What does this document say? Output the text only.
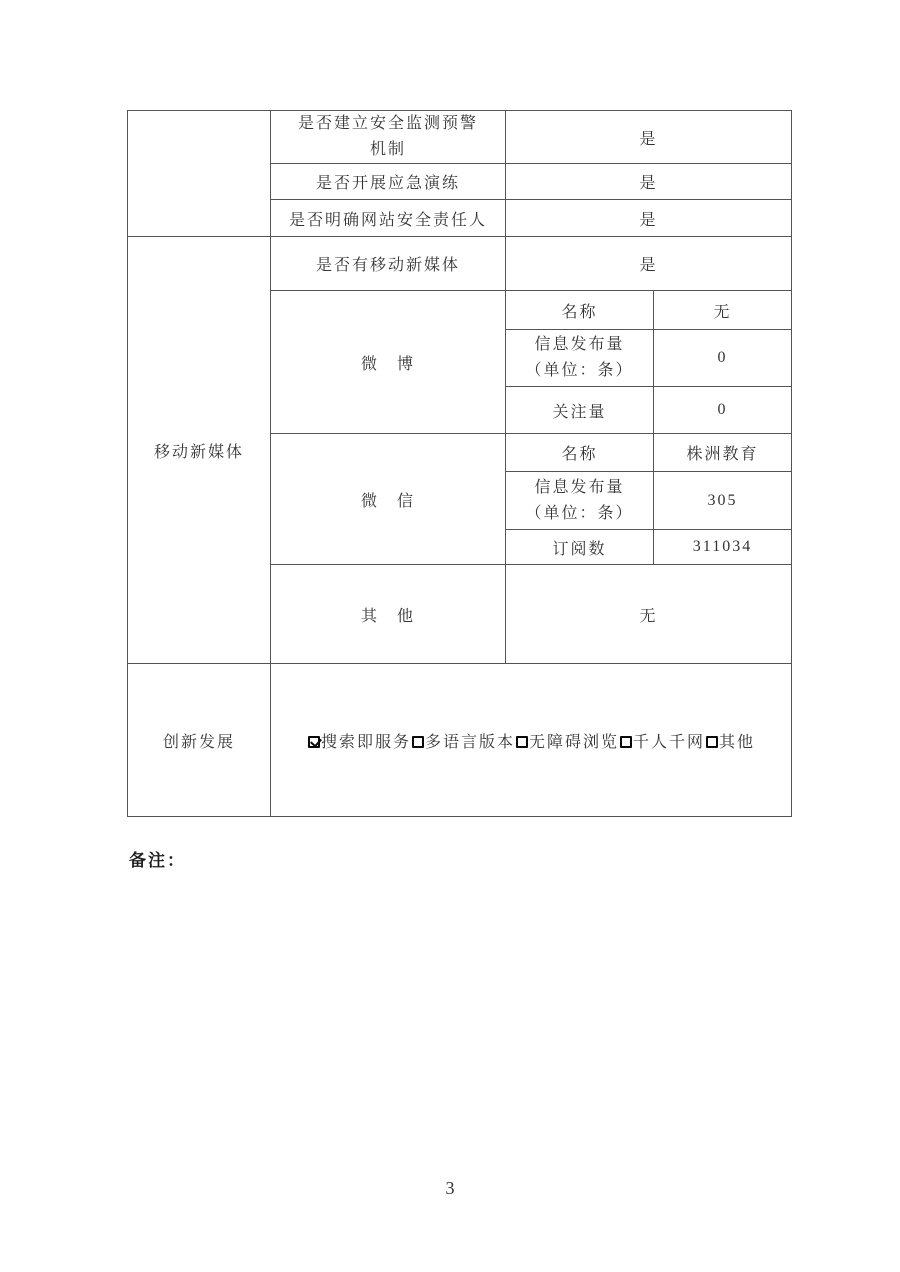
	是否建立安全监测预警
机制	是	
	是否开展应急演练	是	
	是否明确网站安全责任人	是	
移动新媒体	是否有移动新媒体	是	
	微　博	名称	无

		信息发布量
（单位：条）	0
		关注量	0
	微　信	名称	株洲教育

		信息发布量
（单位：条）	305
		订阅数	311034
	其　他	无	
创新发展	搜索即服务 多语言版本 无障碍浏览 千人千网 其他		
备注：
3
